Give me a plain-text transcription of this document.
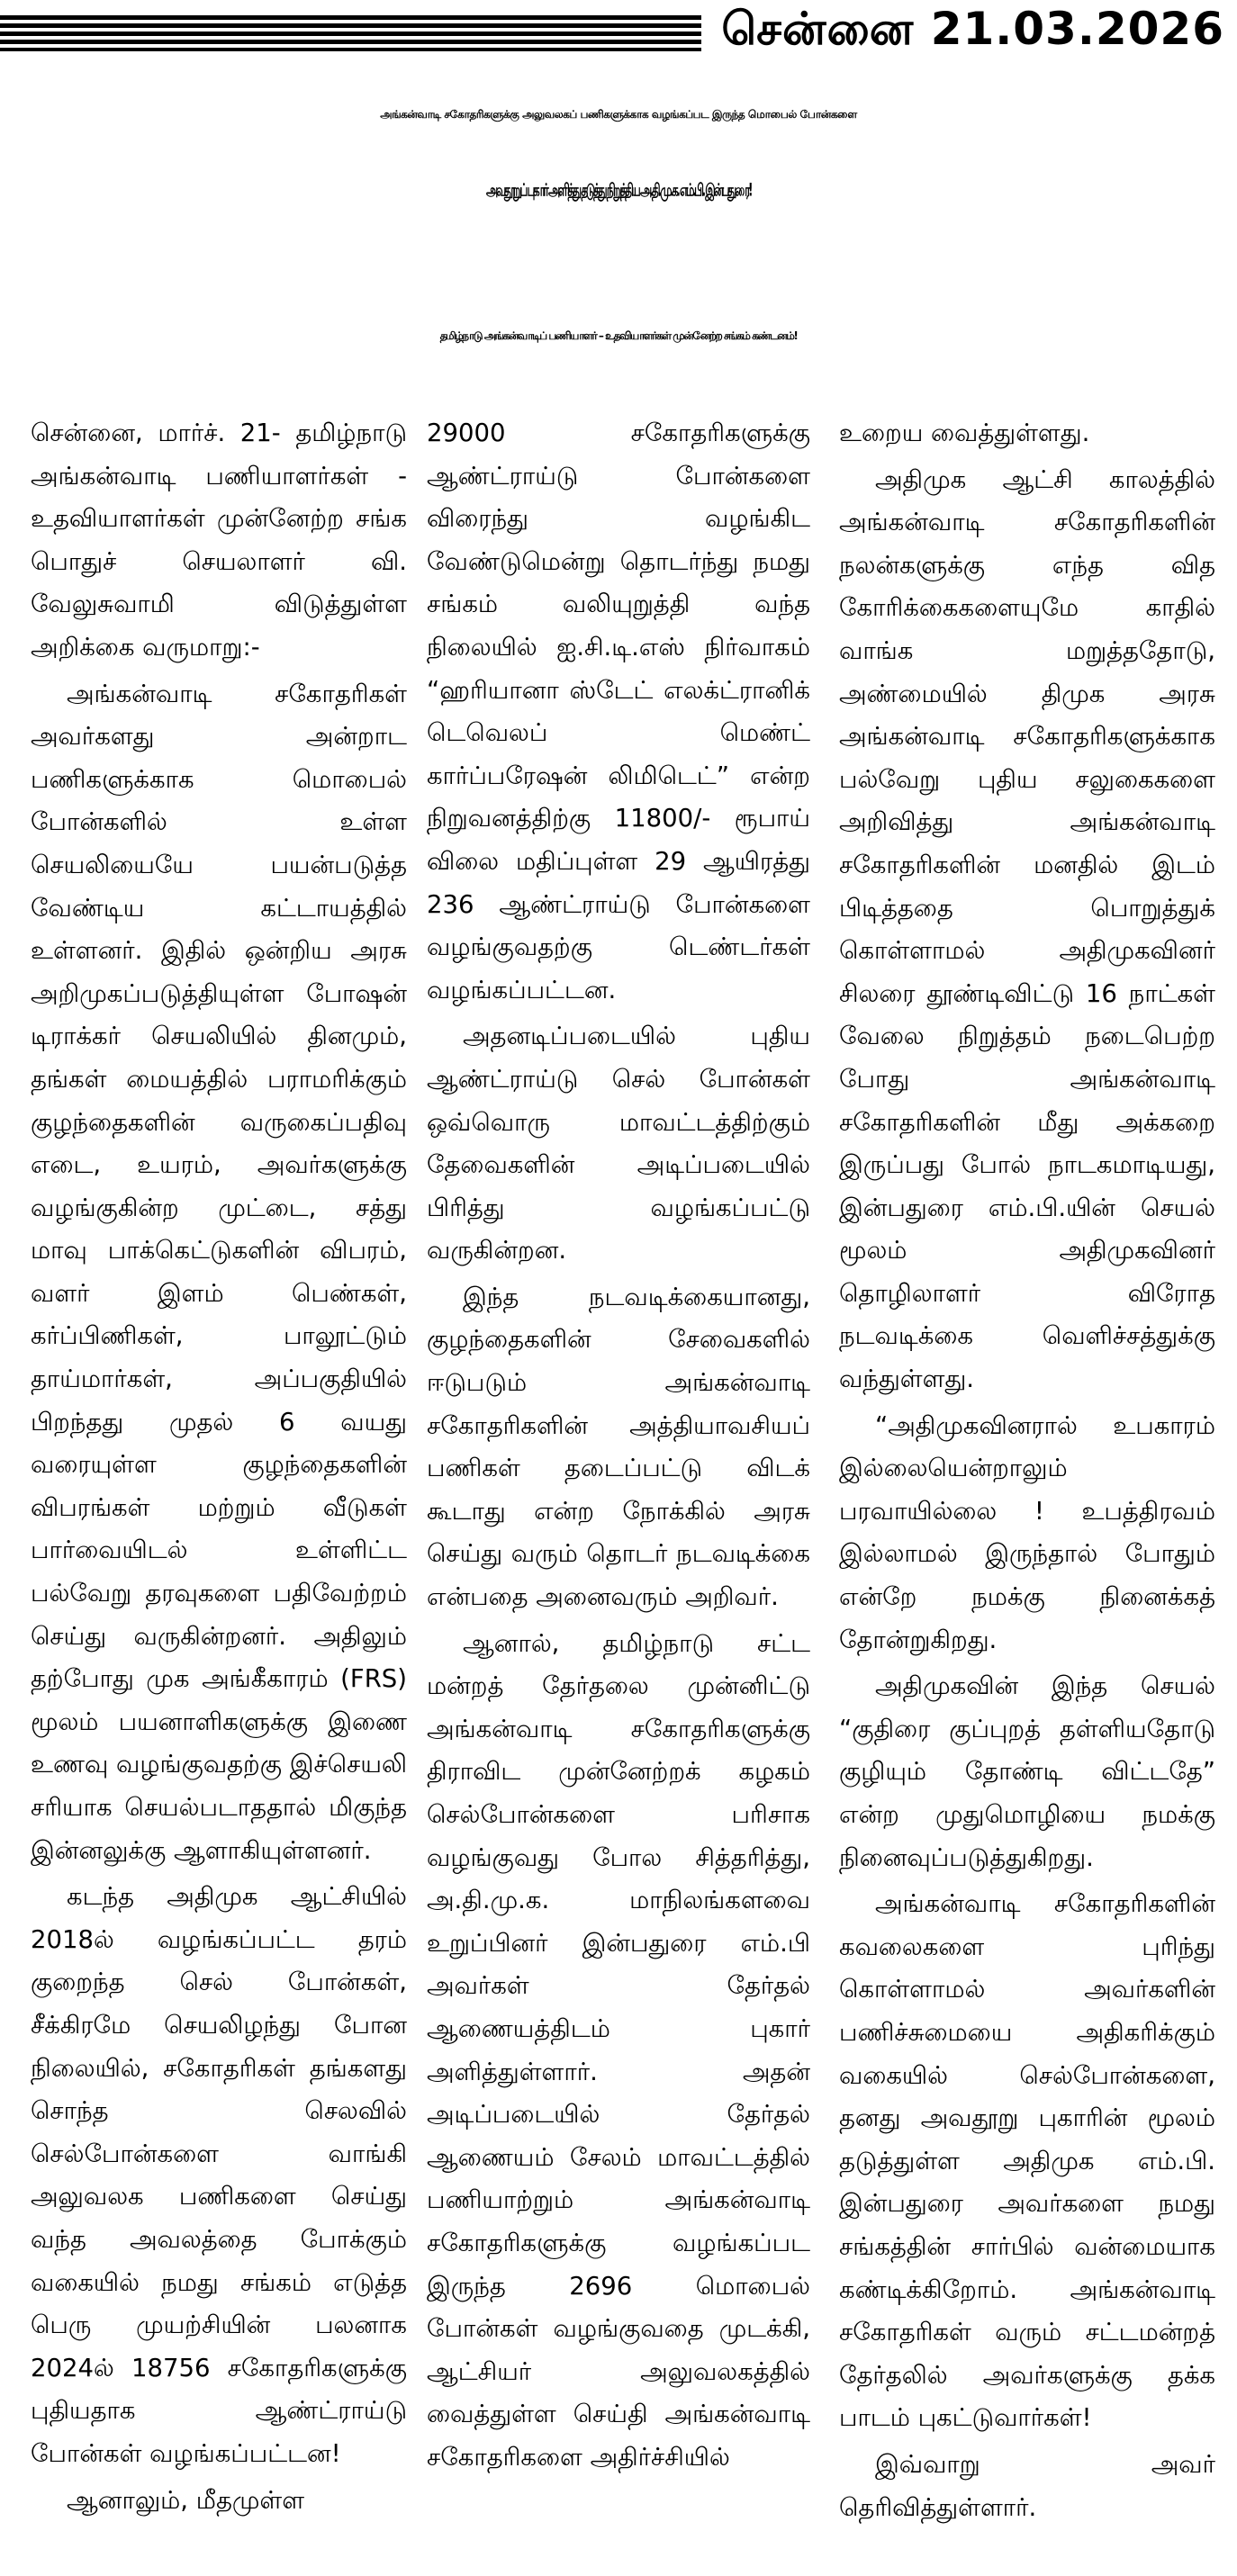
சென்னை 21.03.2026
அங்கன்வாடி சகோதரிகளுக்கு அலுவலகப் பணிகளுக்காக வழங்கப்பட இருந்த மொபைல் போன்களை
அவதூறுப் புகார் அளித்து தடுத்து நிறுத்திய அ.தி.மு.க. எம்.பி. இன்பதுரை!
தமிழ்நாடு அங்கன்வாடிப் பணியாளர் – உதவியாளர்கள் முன்னேற்ற சங்கம் கண்டனம்!

சென்னை, மார்ச். 21- தமிழ்நாடு அங்கன்வாடி பணியாளர்கள் - உதவியாளர்கள் முன்னேற்ற சங்க பொதுச் செயலாளர் வி. வேலுசுவாமி விடுத்துள்ள அறிக்கை வருமாறு:-

அங்கன்வாடி சகோதரிகள் அவர்களது அன்றாட பணிகளுக்காக மொபைல் போன்களில் உள்ள செயலியையே பயன்படுத்த வேண்டிய கட்டாயத்தில் உள்ளனர். இதில் ஒன்றிய அரசு அறிமுகப்படுத்தியுள்ள போஷன் டிராக்கர் செயலியில் தினமும், தங்கள் மையத்தில் பராமரிக்கும் குழந்தைகளின் வருகைப்பதிவு எடை, உயரம், அவர்களுக்கு வழங்குகின்ற முட்டை, சத்து மாவு பாக்கெட்டுகளின் விபரம், வளர் இளம் பெண்கள், கர்ப்பிணிகள், பாலூட்டும் தாய்மார்கள், அப்பகுதியில் பிறந்தது முதல் 6 வயது வரையுள்ள குழந்தைகளின் விபரங்கள் மற்றும் வீடுகள் பார்வையிடல் உள்ளிட்ட பல்வேறு தரவுகளை பதிவேற்றம் செய்து வருகின்றனர். அதிலும் தற்போது முக அங்கீகாரம் (FRS) மூலம் பயனாளிகளுக்கு இணை உணவு வழங்குவதற்கு இச்செயலி சரியாக செயல்படாததால் மிகுந்த இன்னலுக்கு ஆளாகியுள்ளனர்.

கடந்த அதிமுக ஆட்சியில் 2018ல் வழங்கப்பட்ட தரம் குறைந்த செல் போன்கள், சீக்கிரமே செயலிழந்து போன நிலையில், சகோதரிகள் தங்களது சொந்த செலவில் செல்போன்களை வாங்கி அலுவலக பணிகளை செய்து வந்த அவலத்தை போக்கும் வகையில் நமது சங்கம் எடுத்த பெரு முயற்சியின் பலனாக 2024ல் 18756 சகோதரிகளுக்கு புதியதாக ஆண்ட்ராய்டு போன்கள் வழங்கப்பட்டன!

ஆனாலும், மீதமுள்ள

29000 சகோதரிகளுக்கு ஆண்ட்ராய்டு போன்களை விரைந்து வழங்கிட வேண்டுமென்று தொடர்ந்து நமது சங்கம் வலியுறுத்தி வந்த நிலையில் ஐ.சி.டி.எஸ் நிர்வாகம் “ஹரியானா ஸ்டேட் எலக்ட்ரானிக் டெவெலப் மெண்ட் கார்ப்பரேஷன் லிமிடெட்” என்ற நிறுவனத்திற்கு 11800/- ரூபாய் விலை மதிப்புள்ள 29 ஆயிரத்து 236 ஆண்ட்ராய்டு போன்களை வழங்குவதற்கு டெண்டர்கள் வழங்கப்பட்டன.

அதனடிப்படையில் புதிய ஆண்ட்ராய்டு செல் போன்கள் ஒவ்வொரு மாவட்டத்திற்கும் தேவைகளின் அடிப்படையில் பிரித்து வழங்கப்பட்டு வருகின்றன.

இந்த நடவடிக்கையானது, குழந்தைகளின் சேவைகளில் ஈடுபடும் அங்கன்வாடி சகோதரிகளின் அத்தியாவசியப் பணிகள் தடைப்பட்டு விடக் கூடாது என்ற நோக்கில் அரசு செய்து வரும் தொடர் நடவடிக்கை என்பதை அனைவரும் அறிவர்.

ஆனால், தமிழ்நாடு சட்ட மன்றத் தேர்தலை முன்னிட்டு அங்கன்வாடி சகோதரிகளுக்கு திராவிட முன்னேற்றக் கழகம் செல்போன்களை பரிசாக வழங்குவது போல சித்தரித்து, அ.தி.மு.க. மாநிலங்களவை உறுப்பினர் இன்பதுரை எம்.பி அவர்கள் தேர்தல் ஆணையத்திடம் புகார் அளித்துள்ளார். அதன் அடிப்படையில் தேர்தல் ஆணையம் சேலம் மாவட்டத்தில் பணியாற்றும் அங்கன்வாடி சகோதரிகளுக்கு வழங்கப்பட இருந்த 2696 மொபைல் போன்கள் வழங்குவதை முடக்கி, ஆட்சியர் அலுவலகத்தில் வைத்துள்ள செய்தி அங்கன்வாடி சகோதரிகளை அதிர்ச்சியில்

உறைய வைத்துள்ளது.

அதிமுக ஆட்சி காலத்தில் அங்கன்வாடி சகோதரிகளின் நலன்களுக்கு எந்த வித கோரிக்கைகளையுமே காதில் வாங்க மறுத்ததோடு, அண்மையில் திமுக அரசு அங்கன்வாடி சகோதரிகளுக்காக பல்வேறு புதிய சலுகைகளை அறிவித்து அங்கன்வாடி சகோதரிகளின் மனதில் இடம் பிடித்ததை பொறுத்துக் கொள்ளாமல் அதிமுகவினர் சிலரை தூண்டிவிட்டு 16 நாட்கள் வேலை நிறுத்தம் நடைபெற்ற போது அங்கன்வாடி சகோதரிகளின் மீது அக்கறை இருப்பது போல் நாடகமாடியது, இன்பதுரை எம்.பி.யின் செயல் மூலம் அதிமுகவினர் தொழிலாளர் விரோத நடவடிக்கை வெளிச்சத்துக்கு வந்துள்ளது.

“அதிமுகவினரால் உபகாரம் இல்லையென்றாலும் பரவாயில்லை ! உபத்திரவம் இல்லாமல் இருந்தால் போதும் என்றே நமக்கு நினைக்கத் தோன்றுகிறது.

அதிமுகவின் இந்த செயல் “குதிரை குப்புறத் தள்ளியதோடு குழியும் தோண்டி விட்டதே” என்ற முதுமொழியை நமக்கு நினைவுப்படுத்துகிறது.

அங்கன்வாடி சகோதரிகளின் கவலைகளை புரிந்து கொள்ளாமல் அவர்களின் பணிச்சுமையை அதிகரிக்கும் வகையில் செல்போன்களை, தனது அவதூறு புகாரின் மூலம் தடுத்துள்ள அதிமுக எம்.பி. இன்பதுரை அவர்களை நமது சங்கத்தின் சார்பில் வன்மையாக கண்டிக்கிறோம். அங்கன்வாடி சகோதரிகள் வரும் சட்டமன்றத் தேர்தலில் அவர்களுக்கு தக்க பாடம் புகட்டுவார்கள்!

இவ்வாறு அவர் தெரிவித்துள்ளார்.
